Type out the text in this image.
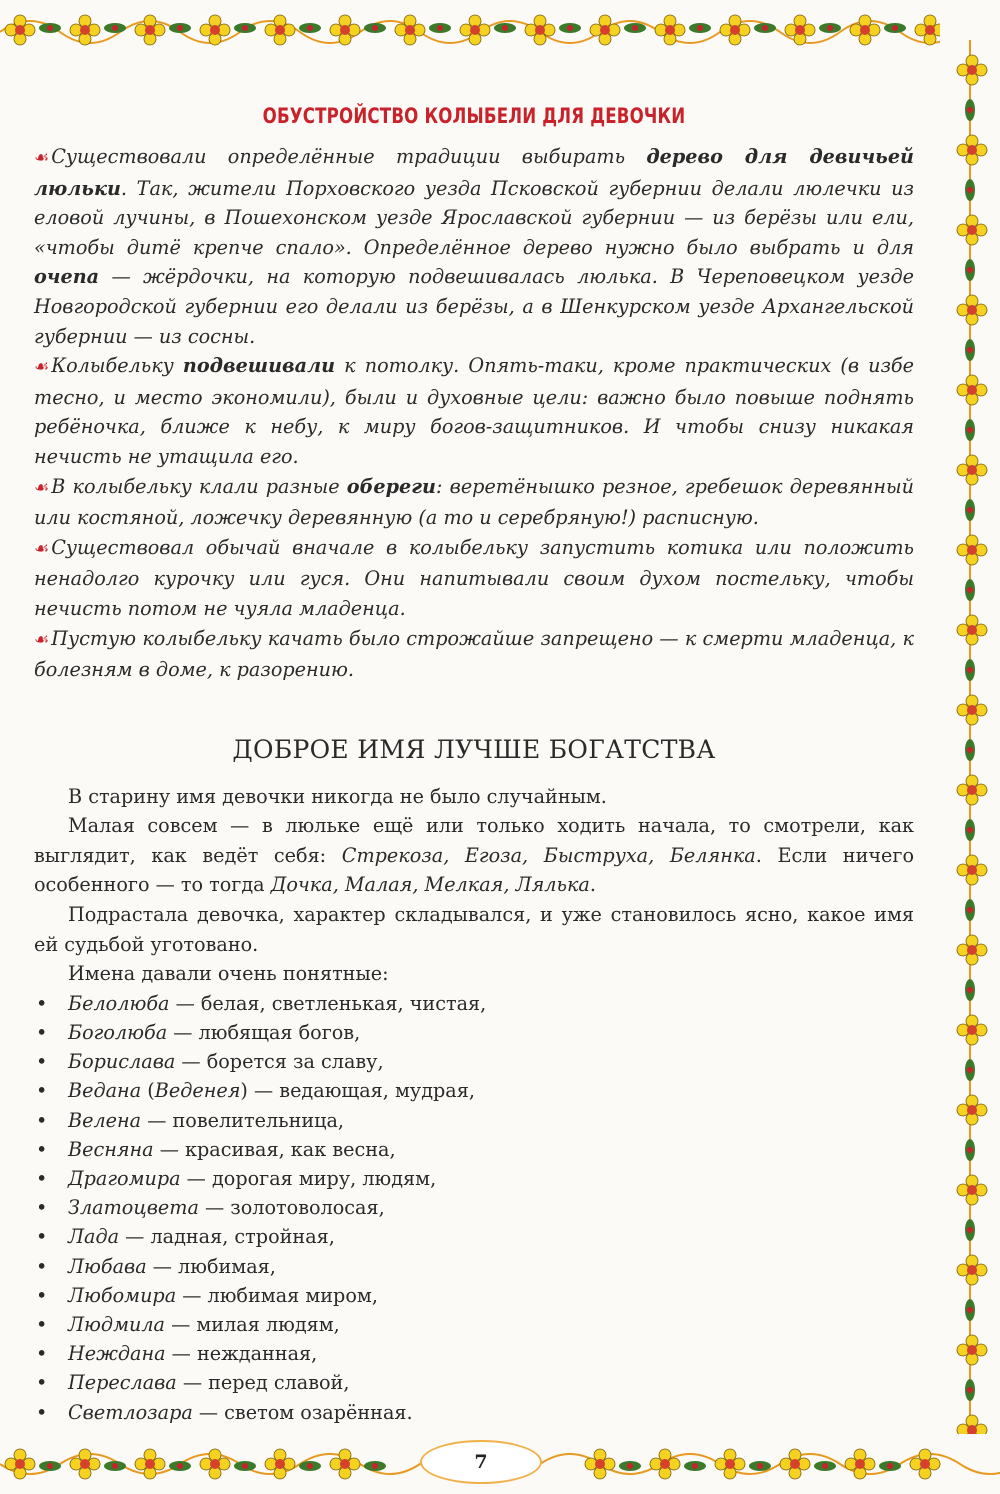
ОБУСТРОЙСТВО КОЛЫБЕЛИ ДЛЯ ДЕВОЧКИ

☙ Существовали определённые традиции выбирать дерево для девичьей люльки. Так, жители Порховского уезда Псковской губернии делали люлечки из еловой лучины, в Пошехонском уезде Ярославской губернии — из берёзы или ели, «чтобы дитё крепче спало». Определённое дерево нужно было выбрать и для очепа — жёрдочки, на которую подвешивалась люлька. В Череповецком уезде Новгородской губернии его делали из берёзы, а в Шенкурском уезде Архангельской губернии — из сосны.

☙ Колыбельку подвешивали к потолку. Опять-таки, кроме практических (в избе тесно, и место экономили), были и духовные цели: важно было повыше поднять ребёночка, ближе к небу, к миру богов-защитников. И чтобы снизу никакая нечисть не утащила его.

☙ В колыбельку клали разные обереги: веретёнышко резное, гребешок деревянный или костяной, ложечку деревянную (а то и серебряную!) расписную.

☙ Существовал обычай вначале в колыбельку запустить котика или положить ненадолго курочку или гуся. Они напитывали своим духом постельку, чтобы нечисть потом не чуяла младенца.

☙ Пустую колыбельку качать было строжайше запрещено — к смерти младенца, к болезням в доме, к разорению.

ДОБРОЕ ИМЯ ЛУЧШЕ БОГАТСТВА

В старину имя девочки никогда не было случайным.

Малая совсем — в люльке ещё или только ходить начала, то смотрели, как выглядит, как ведёт себя: Стрекоза, Егоза, Быструха, Белянка. Если ничего особенного — то тогда Дочка, Малая, Мелкая, Лялька.

Подрастала девочка, характер складывался, и уже становилось ясно, какое имя ей судьбой уготовано.

Имена давали очень понятные:

• Белолюба — белая, светленькая, чистая,
• Боголюба — любящая богов,
• Борислава — борется за славу,
• Ведана (Веденея) — ведающая, мудрая,
• Велена — повелительница,
• Весняна — красивая, как весна,
• Драгомира — дорогая миру, людям,
• Златоцвета — золотоволосая,
• Лада — ладная, стройная,
• Любава — любимая,
• Любомира — любимая миром,
• Людмила — милая людям,
• Неждана — нежданная,
• Переслава — перед славой,
• Светлозара — светом озарённая.
7
